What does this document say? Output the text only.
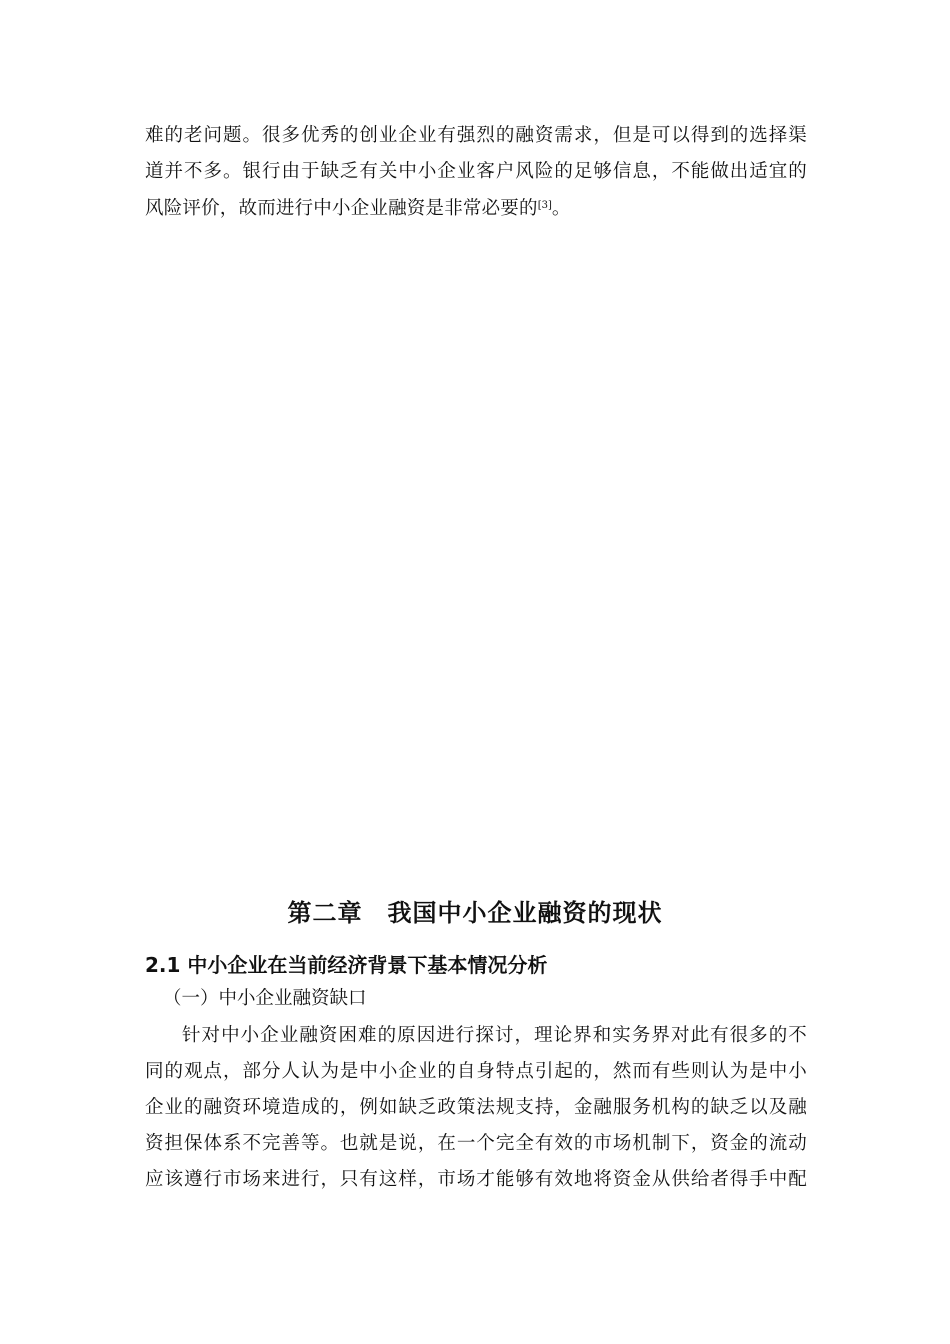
难的老问题。很多优秀的创业企业有强烈的融资需求，但是可以得到的选择渠
道并不多。银行由于缺乏有关中小企业客户风险的足够信息，不能做出适宜的
风险评价，故而进行中小企业融资是非常必要的[3]。
第二章　我国中小企业融资的现状
2.1 中小企业在当前经济背景下基本情况分析
（一）中小企业融资缺口
针对中小企业融资困难的原因进行探讨，理论界和实务界对此有很多的不
同的观点，部分人认为是中小企业的自身特点引起的，然而有些则认为是中小
企业的融资环境造成的，例如缺乏政策法规支持，金融服务机构的缺乏以及融
资担保体系不完善等。也就是说，在一个完全有效的市场机制下，资金的流动
应该遵行市场来进行，只有这样，市场才能够有效地将资金从供给者得手中配
